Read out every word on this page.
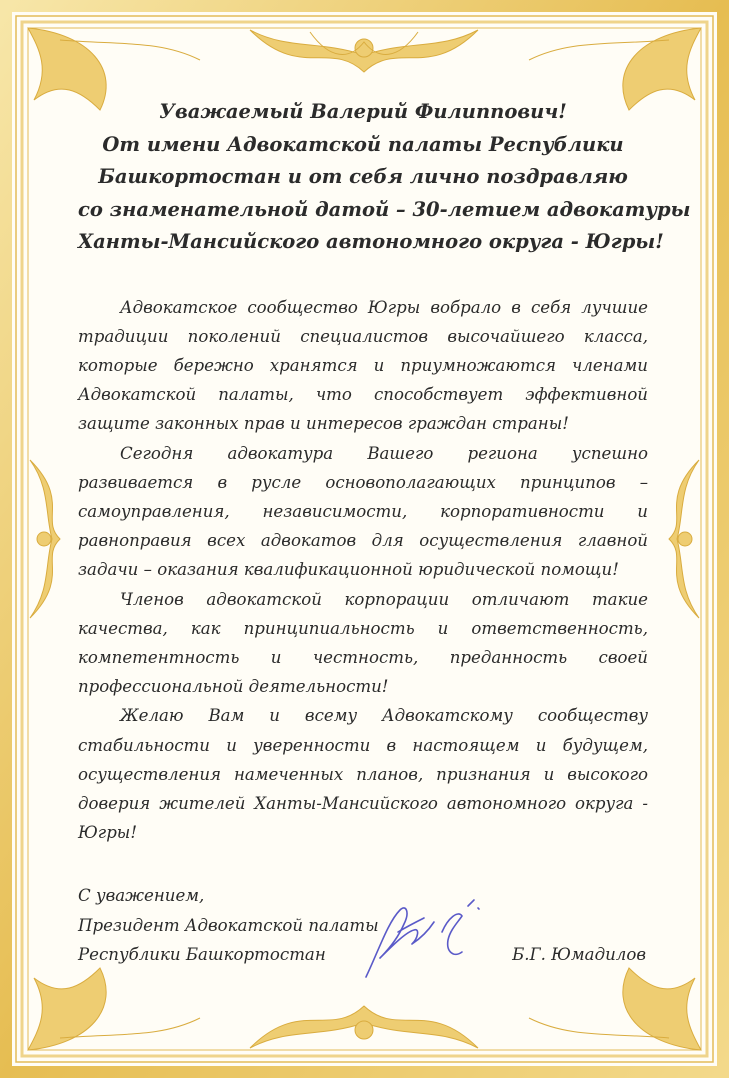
Уважаемый Валерий Филиппович!
От имени Адвокатской палаты Республики
Башкортостан и от себя лично поздравляю
со знаменательной датой – 30-летием адвокатуры
Ханты-Мансийского автономного округа - Югры!

Адвокатское сообщество Югры вобрало в себя лучшие традиции поколений специалистов высочайшего класса, которые бережно хранятся и приумножаются членами Адвокатской палаты, что способствует эффективной защите законных прав и интересов граждан страны!

Сегодня адвокатура Вашего региона успешно развивается в русле основополагающих принципов – самоуправления, независимости, корпоративности и равноправия всех адвокатов для осуществления главной задачи – оказания квалификационной юридической помощи!

Членов адвокатской корпорации отличают такие качества, как принципиальность и ответственность, компетентность и честность, преданность своей профессиональной деятельности!

Желаю Вам и всему Адвокатскому сообществу стабильности и уверенности в настоящем и будущем, осуществления намеченных планов, признания и высокого доверия жителей Ханты-Мансийского автономного округа - Югры!

С уважением,
Президент Адвокатской палаты
Республики Башкортостан	Б.Г. Юмадилов
